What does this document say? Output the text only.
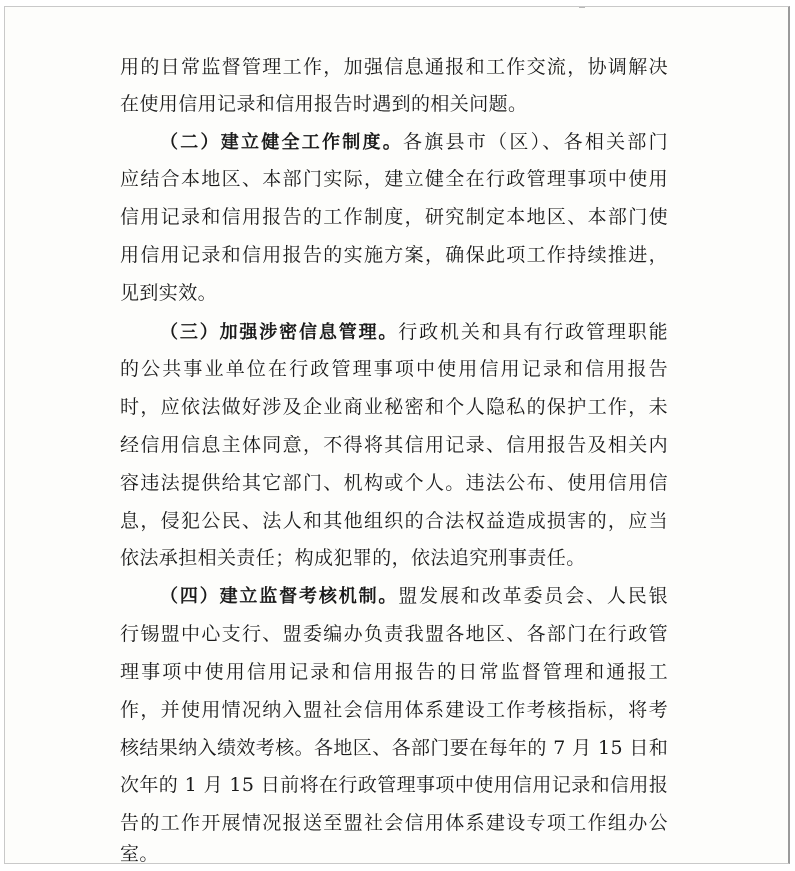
用的日常监督管理工作，加强信息通报和工作交流，协调解决
在使用信用记录和信用报告时遇到的相关问题。
（二）建立健全工作制度。各旗县市（区）、各相关部门
应结合本地区、本部门实际，建立健全在行政管理事项中使用
信用记录和信用报告的工作制度，研究制定本地区、本部门使
用信用记录和信用报告的实施方案，确保此项工作持续推进，
见到实效。
（三）加强涉密信息管理。行政机关和具有行政管理职能
的公共事业单位在行政管理事项中使用信用记录和信用报告
时，应依法做好涉及企业商业秘密和个人隐私的保护工作，未
经信用信息主体同意，不得将其信用记录、信用报告及相关内
容违法提供给其它部门、机构或个人。违法公布、使用信用信
息，侵犯公民、法人和其他组织的合法权益造成损害的，应当
依法承担相关责任；构成犯罪的，依法追究刑事责任。
（四）建立监督考核机制。盟发展和改革委员会、人民银
行锡盟中心支行、盟委编办负责我盟各地区、各部门在行政管
理事项中使用信用记录和信用报告的日常监督管理和通报工
作，并使用情况纳入盟社会信用体系建设工作考核指标，将考
核结果纳入绩效考核。各地区、各部门要在每年的 7 月 15 日和
次年的 1 月 15 日前将在行政管理事项中使用信用记录和信用报
告的工作开展情况报送至盟社会信用体系建设专项工作组办公
室。
